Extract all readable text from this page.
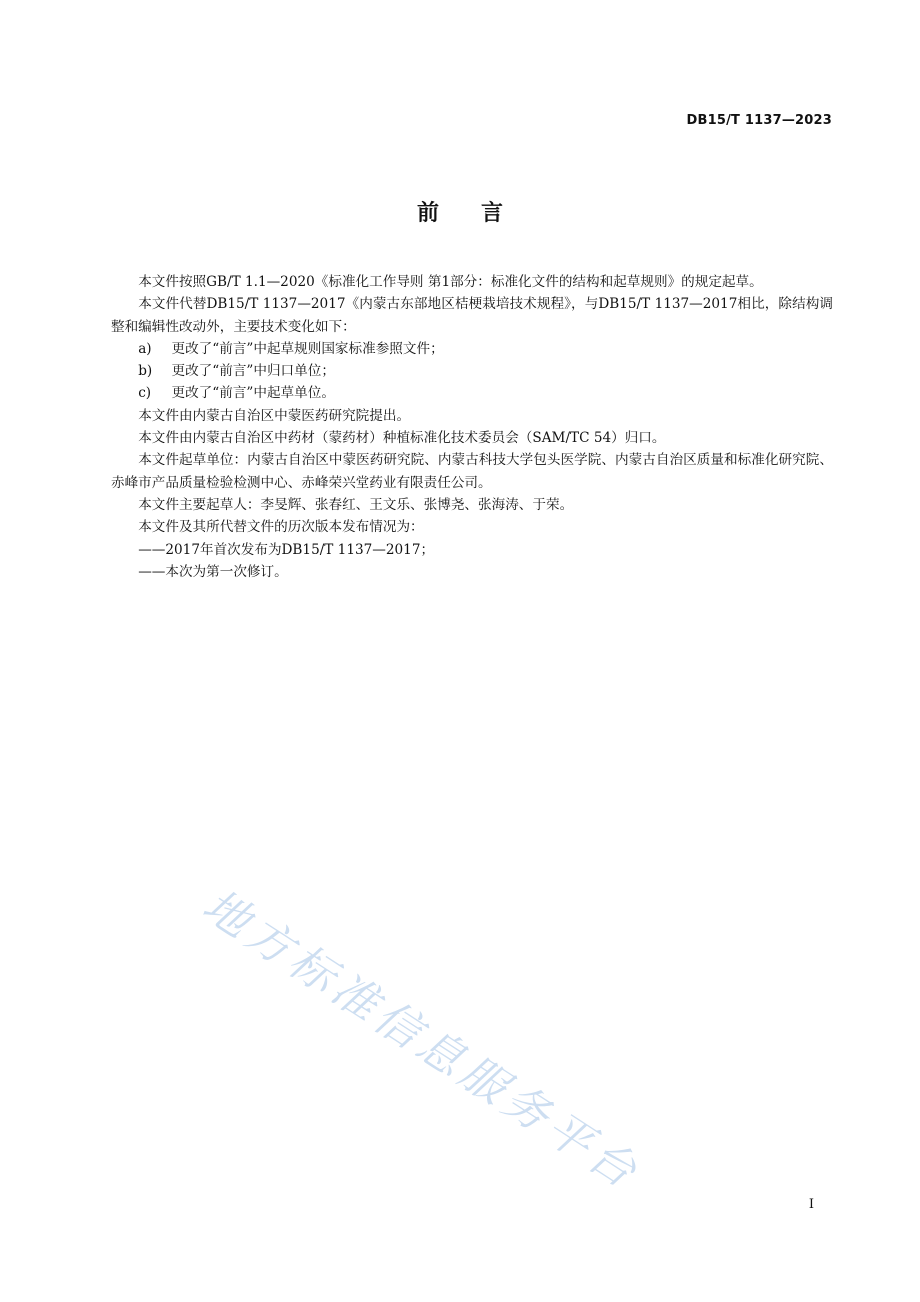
DB15/T 1137—2023
前言

本文件按照GB/T 1.1—2020《标准化工作导则 第1部分：标准化文件的结构和起草规则》的规定起草。

本文件代替DB15/T 1137—2017《内蒙古东部地区桔梗栽培技术规程》，与DB15/T 1137—2017相比，除结构调整和编辑性改动外，主要技术变化如下：

a)	更改了“前言”中起草规则国家标准参照文件；
b)	更改了“前言”中归口单位；
c)	更改了“前言”中起草单位。

本文件由内蒙古自治区中蒙医药研究院提出。

本文件由内蒙古自治区中药材（蒙药材）种植标准化技术委员会（SAM/TC 54）归口。

本文件起草单位：内蒙古自治区中蒙医药研究院、内蒙古科技大学包头医学院、内蒙古自治区质量和标准化研究院、赤峰市产品质量检验检测中心、赤峰荣兴堂药业有限责任公司。

本文件主要起草人：李旻辉、张春红、王文乐、张博尧、张海涛、于荣。

本文件及其所代替文件的历次版本发布情况为：

——2017年首次发布为DB15/T 1137—2017；

——本次为第一次修订。

地方标准信息服务平台
I
